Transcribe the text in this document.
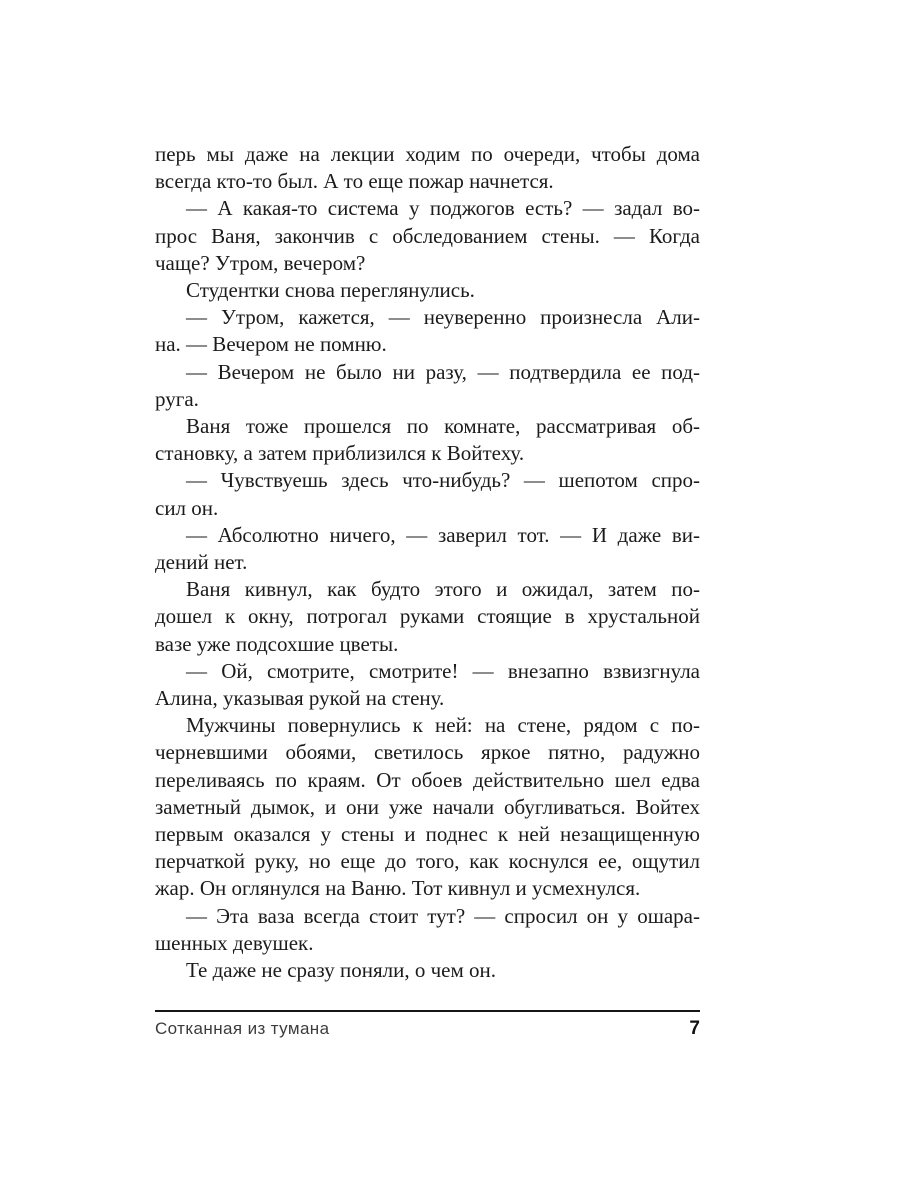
перь мы даже на лекции ходим по очереди, чтобы дома
всегда кто-то был. А то еще пожар начнется.
— А какая-то система у поджогов есть? — задал во-
прос Ваня, закончив с обследованием стены. — Когда
чаще? Утром, вечером?
Студентки снова переглянулись.
— Утром, кажется, — неуверенно произнесла Али-
на. — Вечером не помню.
— Вечером не было ни разу, — подтвердила ее под-
руга.
Ваня тоже прошелся по комнате, рассматривая об-
становку, а затем приблизился к Войтеху.
— Чувствуешь здесь что-нибудь? — шепотом спро-
сил он.
— Абсолютно ничего, — заверил тот. — И даже ви-
дений нет.
Ваня кивнул, как будто этого и ожидал, затем по-
дошел к окну, потрогал руками стоящие в хрустальной
вазе уже подсохшие цветы.
— Ой, смотрите, смотрите! — внезапно взвизгнула
Алина, указывая рукой на стену.
Мужчины повернулись к ней: на стене, рядом с по-
черневшими обоями, светилось яркое пятно, радужно
переливаясь по краям. От обоев действительно шел едва
заметный дымок, и они уже начали обугливаться. Войтех
первым оказался у стены и поднес к ней незащищенную
перчаткой руку, но еще до того, как коснулся ее, ощутил
жар. Он оглянулся на Ваню. Тот кивнул и усмехнулся.
— Эта ваза всегда стоит тут? — спросил он у ошара-
шенных девушек.
Те даже не сразу поняли, о чем он.
Сотканная из тумана	7
